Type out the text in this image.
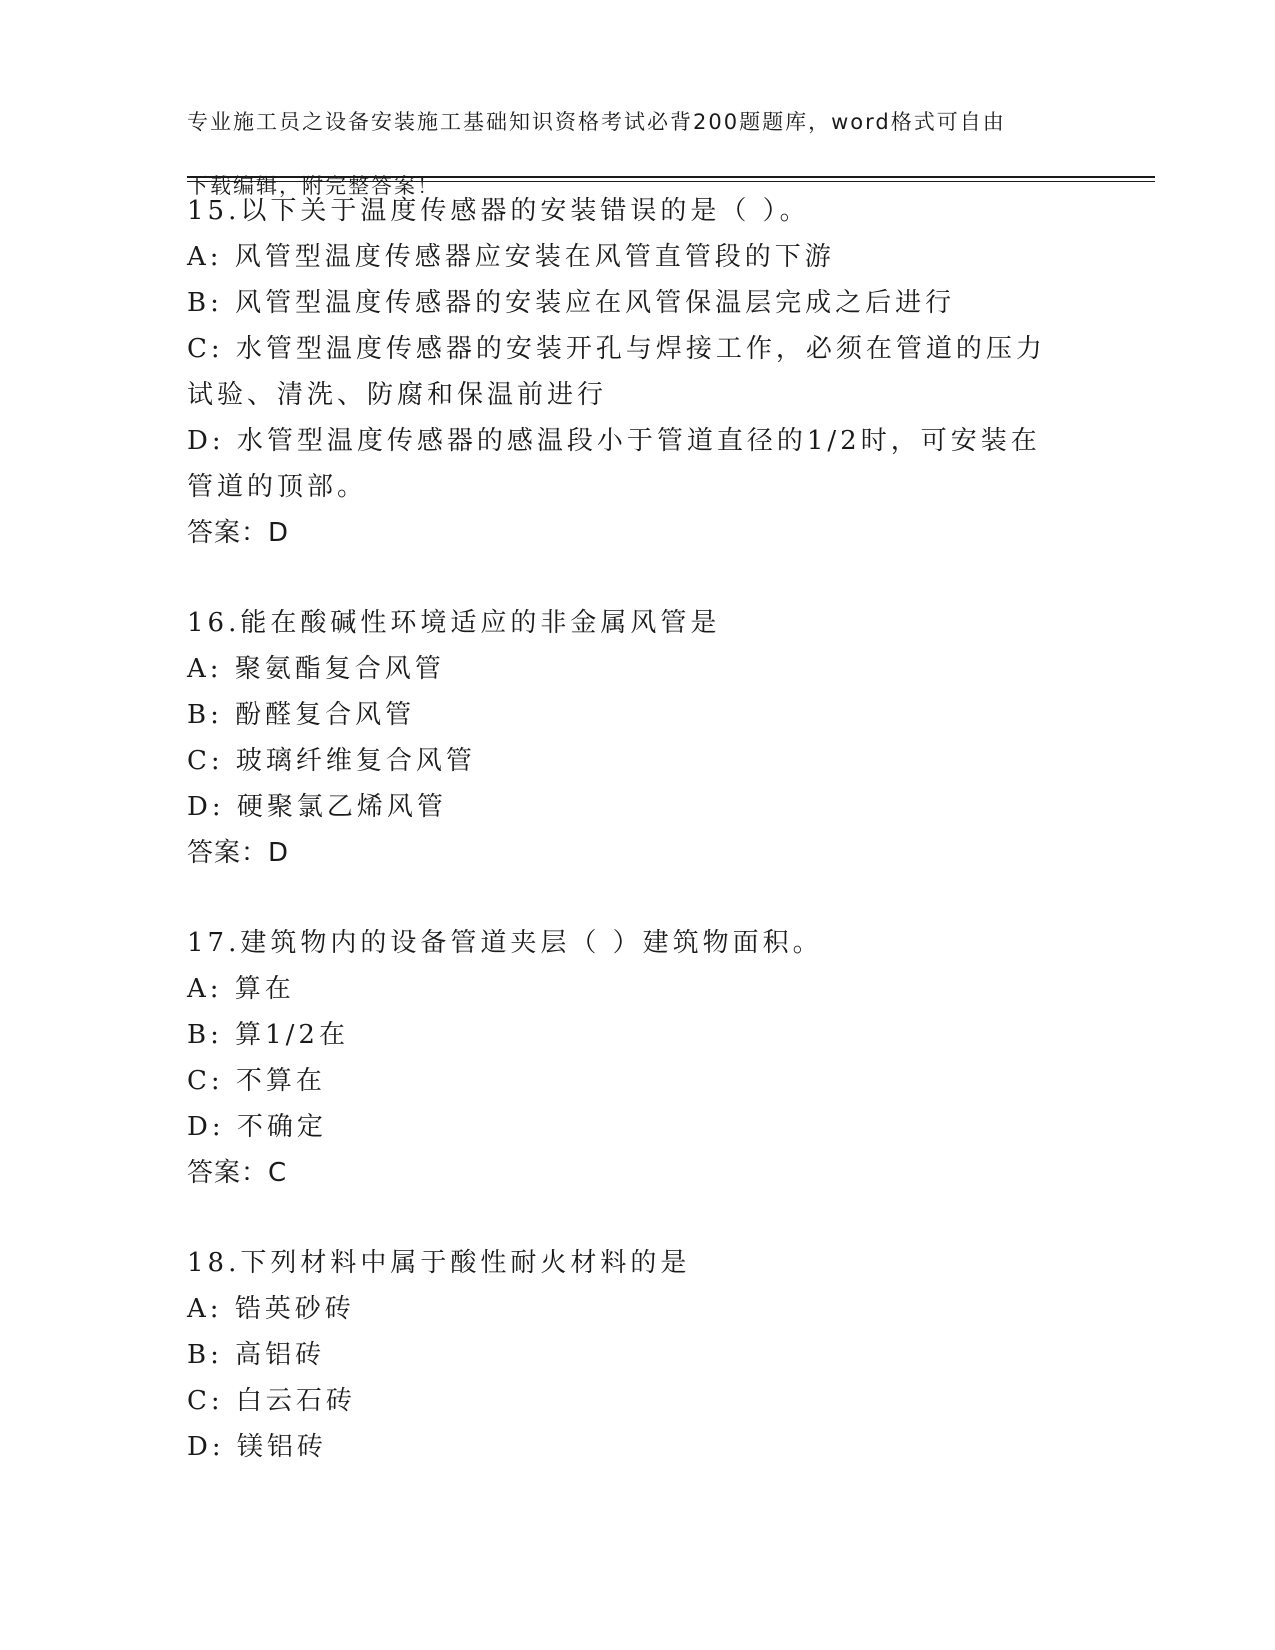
专业施工员之设备安装施工基础知识资格考试必背200题题库，word格式可自由

下载编辑，附完整答案！

15.以下关于温度传感器的安装错误的是（ ）。
A: 风管型温度传感器应安装在风管直管段的下游
B: 风管型温度传感器的安装应在风管保温层完成之后进行
C: 水管型温度传感器的安装开孔与焊接工作，必须在管道的压力试验、清洗、防腐和保温前进行
D: 水管型温度传感器的感温段小于管道直径的1/2时，可安装在管道的顶部。
答案：D
16.能在酸碱性环境适应的非金属风管是
A: 聚氨酯复合风管
B: 酚醛复合风管
C: 玻璃纤维复合风管
D: 硬聚氯乙烯风管
答案：D
17.建筑物内的设备管道夹层（ ）建筑物面积。
A: 算在
B: 算1/2在
C: 不算在
D: 不确定
答案：C
18.下列材料中属于酸性耐火材料的是
A: 锆英砂砖
B: 高铝砖
C: 白云石砖
D: 镁铝砖
